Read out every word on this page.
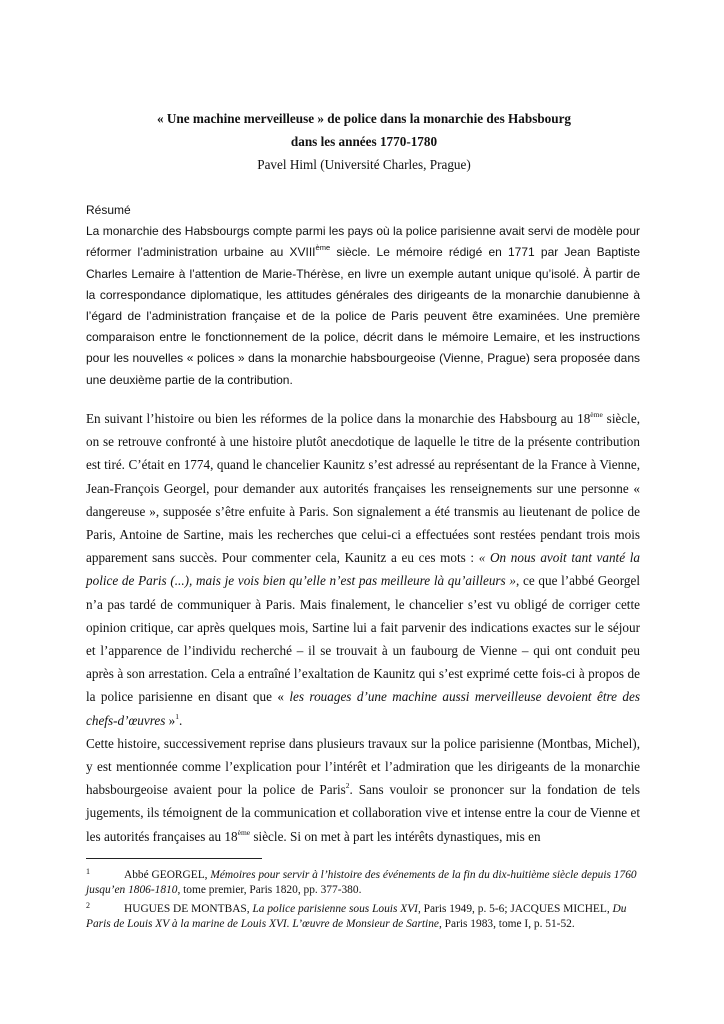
« Une machine merveilleuse » de police dans la monarchie des Habsbourg
dans les années 1770-1780
Pavel Himl (Université Charles, Prague)

Résumé

La monarchie des Habsbourgs compte parmi les pays où la police parisienne avait servi de modèle pour réformer l’administration urbaine au XVIIIème siècle. Le mémoire rédigé en 1771 par Jean Baptiste Charles Lemaire à l’attention de Marie-Thérèse, en livre un exemple autant unique qu’isolé. À partir de la correspondance diplomatique, les attitudes générales des dirigeants de la monarchie danubienne à l’égard de l’administration française et de la police de Paris peuvent être examinées. Une première comparaison entre le fonctionnement de la police, décrit dans le mémoire Lemaire, et les instructions pour les nouvelles « polices » dans la monarchie habsbourgeoise (Vienne, Prague) sera proposée dans une deuxième partie de la contribution.

En suivant l’histoire ou bien les réformes de la police dans la monarchie des Habsbourg au 18ème siècle, on se retrouve confronté à une histoire plutôt anecdotique de laquelle le titre de la présente contribution est tiré. C’était en 1774, quand le chancelier Kaunitz s’est adressé au représentant de la France à Vienne, Jean-François Georgel, pour demander aux autorités françaises les renseignements sur une personne « dangereuse », supposée s’être enfuite à Paris. Son signalement a été transmis au lieutenant de police de Paris, Antoine de Sartine, mais les recherches que celui-ci a effectuées sont restées pendant trois mois apparement sans succès. Pour commenter cela, Kaunitz a eu ces mots : « On nous avoit tant vanté la police de Paris (...), mais je vois bien qu’elle n’est pas meilleure là qu’ailleurs », ce que l’abbé Georgel n’a pas tardé de communiquer à Paris. Mais finalement, le chancelier s’est vu obligé de corriger cette opinion critique, car après quelques mois, Sartine lui a fait parvenir des indications exactes sur le séjour et l’apparence de l’individu recherché – il se trouvait à un faubourg de Vienne – qui ont conduit peu après à son arrestation. Cela a entraîné l’exaltation de Kaunitz qui s’est exprimé cette fois-ci à propos de la police parisienne en disant que « les rouages d’une machine aussi merveilleuse devoient être des chefs-d’œuvres »$^1$.

Cette histoire, successivement reprise dans plusieurs travaux sur la police parisienne (Montbas, Michel), y est mentionnée comme l’explication pour l’intérêt et l’admiration que les dirigeants de la monarchie habsbourgeoise avaient pour la police de Paris$^2$. Sans vouloir se prononcer sur la fondation de tels jugements, ils témoignent de la communication et collaboration vive et intense entre la cour de Vienne et les autorités françaises au 18ème siècle. Si on met à part les intérêts dynastiques, mis en

1	Abbé GEORGEL, Mémoires pour servir à l’histoire des événements de la fin du dix-huitième siècle depuis 1760 jusqu’en 1806-1810, tome premier, Paris 1820, pp. 377-380.

2	HUGUES DE MONTBAS, La police parisienne sous Louis XVI, Paris 1949, p. 5-6; JACQUES MICHEL, Du Paris de Louis XV à la marine de Louis XVI. L’œuvre de Monsieur de Sartine, Paris 1983, tome I, p. 51-52.
